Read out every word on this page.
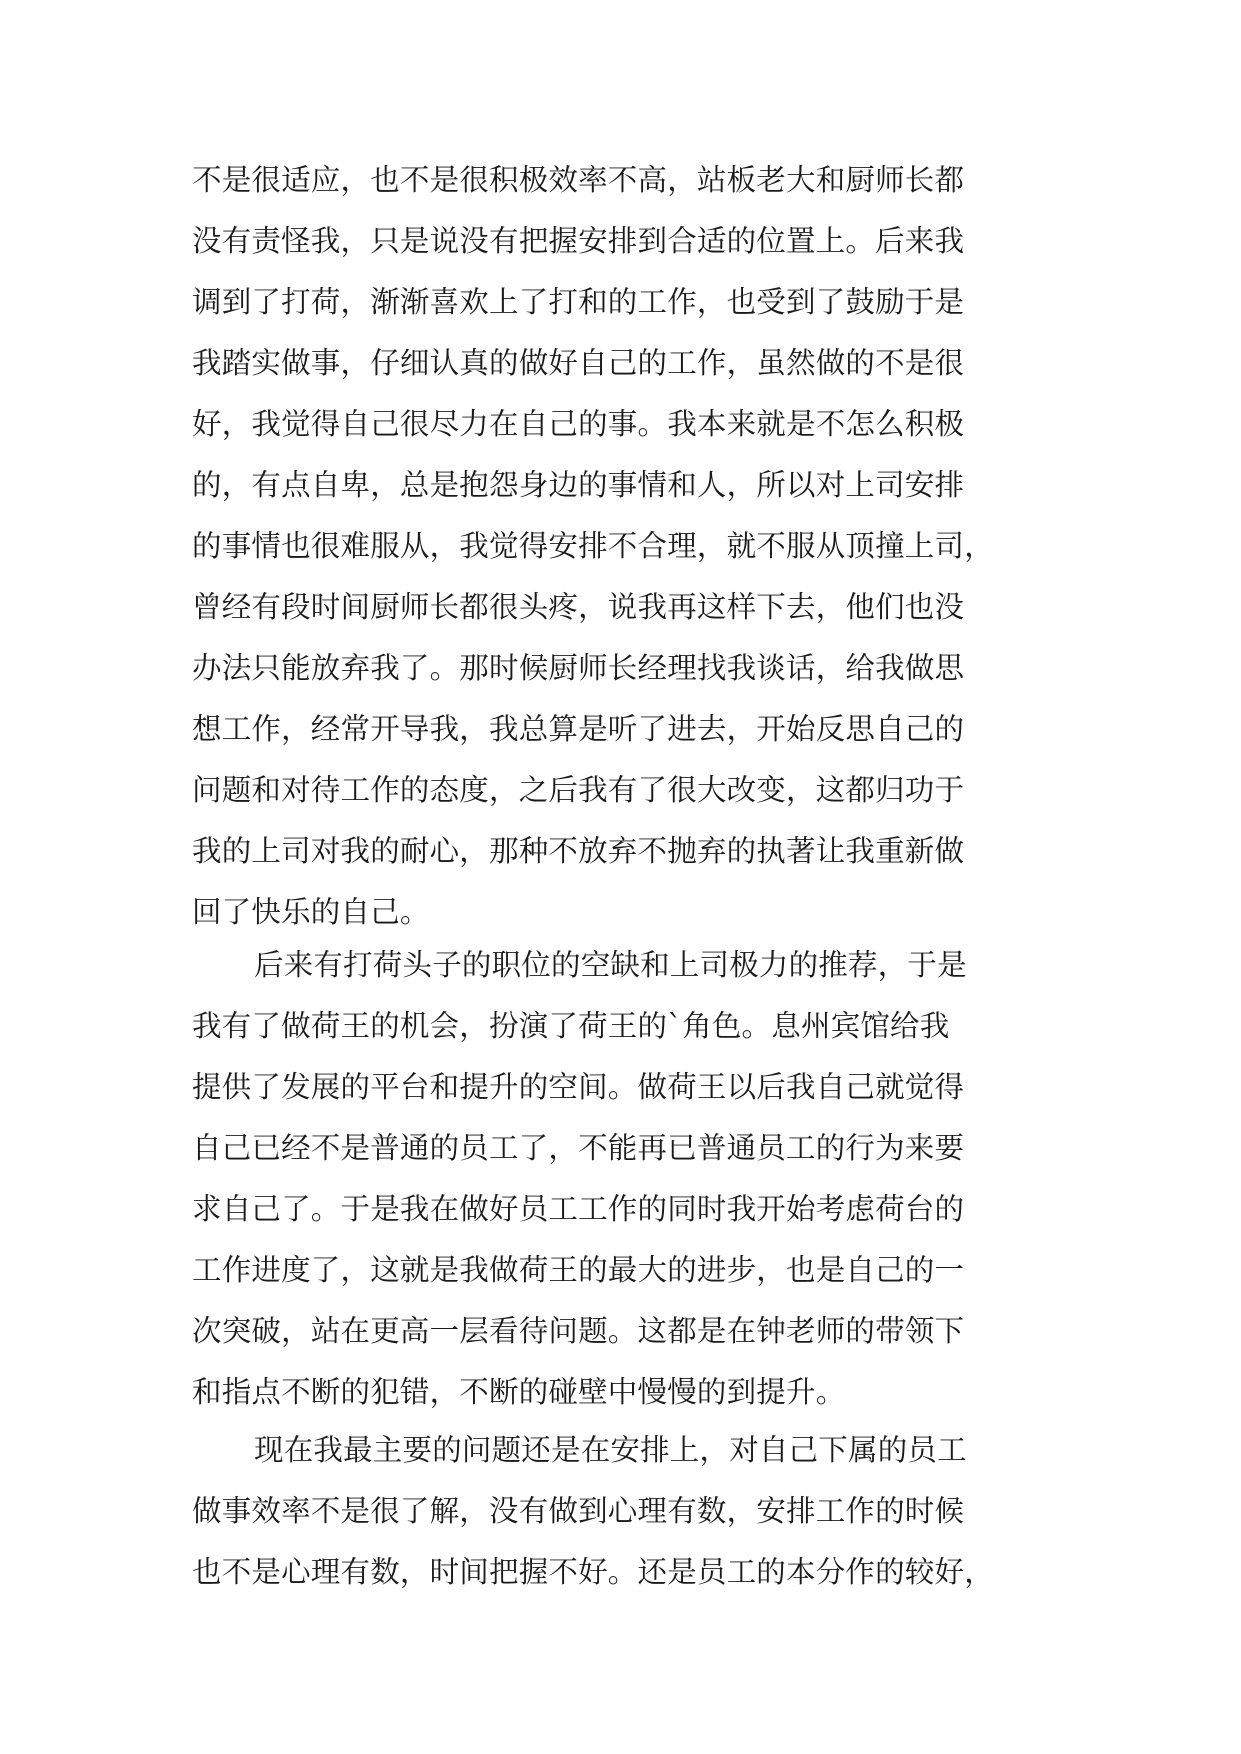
不是很适应，也不是很积极效率不高，站板老大和厨师长都
没有责怪我，只是说没有把握安排到合适的位置上。后来我
调到了打荷，渐渐喜欢上了打和的工作，也受到了鼓励于是
我踏实做事，仔细认真的做好自己的工作，虽然做的不是很
好，我觉得自己很尽力在自己的事。我本来就是不怎么积极
的，有点自卑，总是抱怨身边的事情和人，所以对上司安排
的事情也很难服从，我觉得安排不合理，就不服从顶撞上司，
曾经有段时间厨师长都很头疼，说我再这样下去，他们也没
办法只能放弃我了。那时候厨师长经理找我谈话，给我做思
想工作，经常开导我，我总算是听了进去，开始反思自己的
问题和对待工作的态度，之后我有了很大改变，这都归功于
我的上司对我的耐心，那种不放弃不抛弃的执著让我重新做
回了快乐的自己。
后来有打荷头子的职位的空缺和上司极力的推荐，于是
我有了做荷王的机会，扮演了荷王的`角色。息州宾馆给我
提供了发展的平台和提升的空间。做荷王以后我自己就觉得
自己已经不是普通的员工了，不能再已普通员工的行为来要
求自己了。于是我在做好员工工作的同时我开始考虑荷台的
工作进度了，这就是我做荷王的最大的进步，也是自己的一
次突破，站在更高一层看待问题。这都是在钟老师的带领下
和指点不断的犯错，不断的碰壁中慢慢的到提升。
现在我最主要的问题还是在安排上，对自己下属的员工
做事效率不是很了解，没有做到心理有数，安排工作的时候
也不是心理有数，时间把握不好。还是员工的本分作的较好，
